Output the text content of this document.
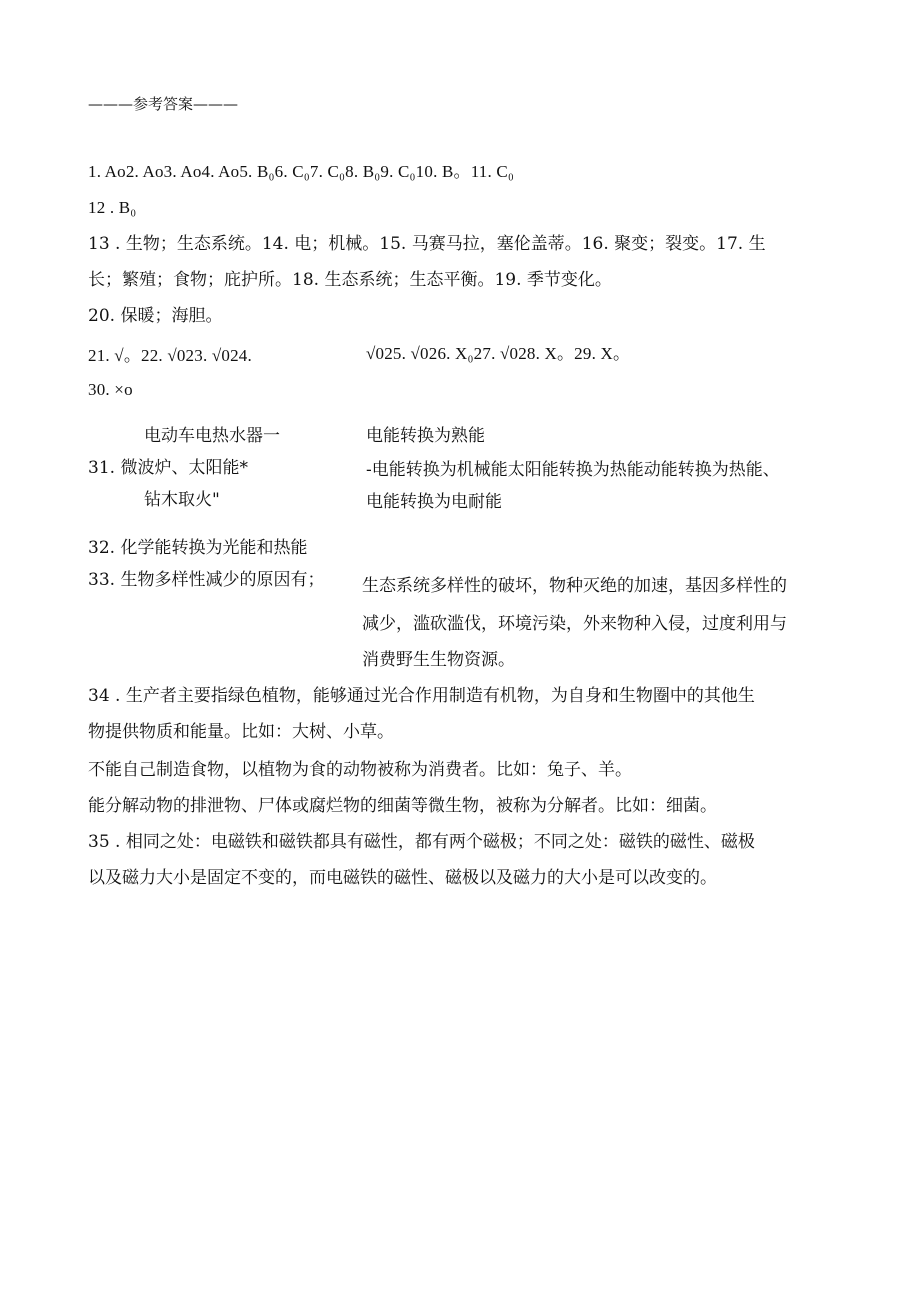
———参考答案———
1. Ao2. Ao3. Ao4. Ao5. B₀6. C₀7. C₀8. B₀9. C₀10. B。11. C₀
12 . B₀
13 . 生物；生态系统。14. 电；机械。15. 马赛马拉，塞伦盖蒂。16. 聚变；裂变。17. 生
长；繁殖；食物；庇护所。18. 生态系统；生态平衡。19. 季节变化。
20. 保暖；海胆。
21. √。22. √023. √024.	√025. √026. X₀27. √028. X。29. X。
30. ×o
电动车电热水器一
31. 微波炉、太阳能*
钻木取火"
电能转换为熟能
-电能转换为机械能太阳能转换为热能动能转换为热能、
电能转换为电耐能
32. 化学能转换为光能和热能
33. 生物多样性减少的原因有； 生态系统多样性的破坏，物种灭绝的加速，基因多样性的
减少，滥砍滥伐，环境污染，外来物种入侵，过度利用与
消费野生生物资源。
34 . 生产者主要指绿色植物，能够通过光合作用制造有机物，为自身和生物圈中的其他生
物提供物质和能量。比如：大树、小草。
不能自己制造食物，以植物为食的动物被称为消费者。比如：兔子、羊。
能分解动物的排泄物、尸体或腐烂物的细菌等微生物，被称为分解者。比如：细菌。
35 . 相同之处：电磁铁和磁铁都具有磁性，都有两个磁极；不同之处：磁铁的磁性、磁极
以及磁力大小是固定不变的，而电磁铁的磁性、磁极以及磁力的大小是可以改变的。
